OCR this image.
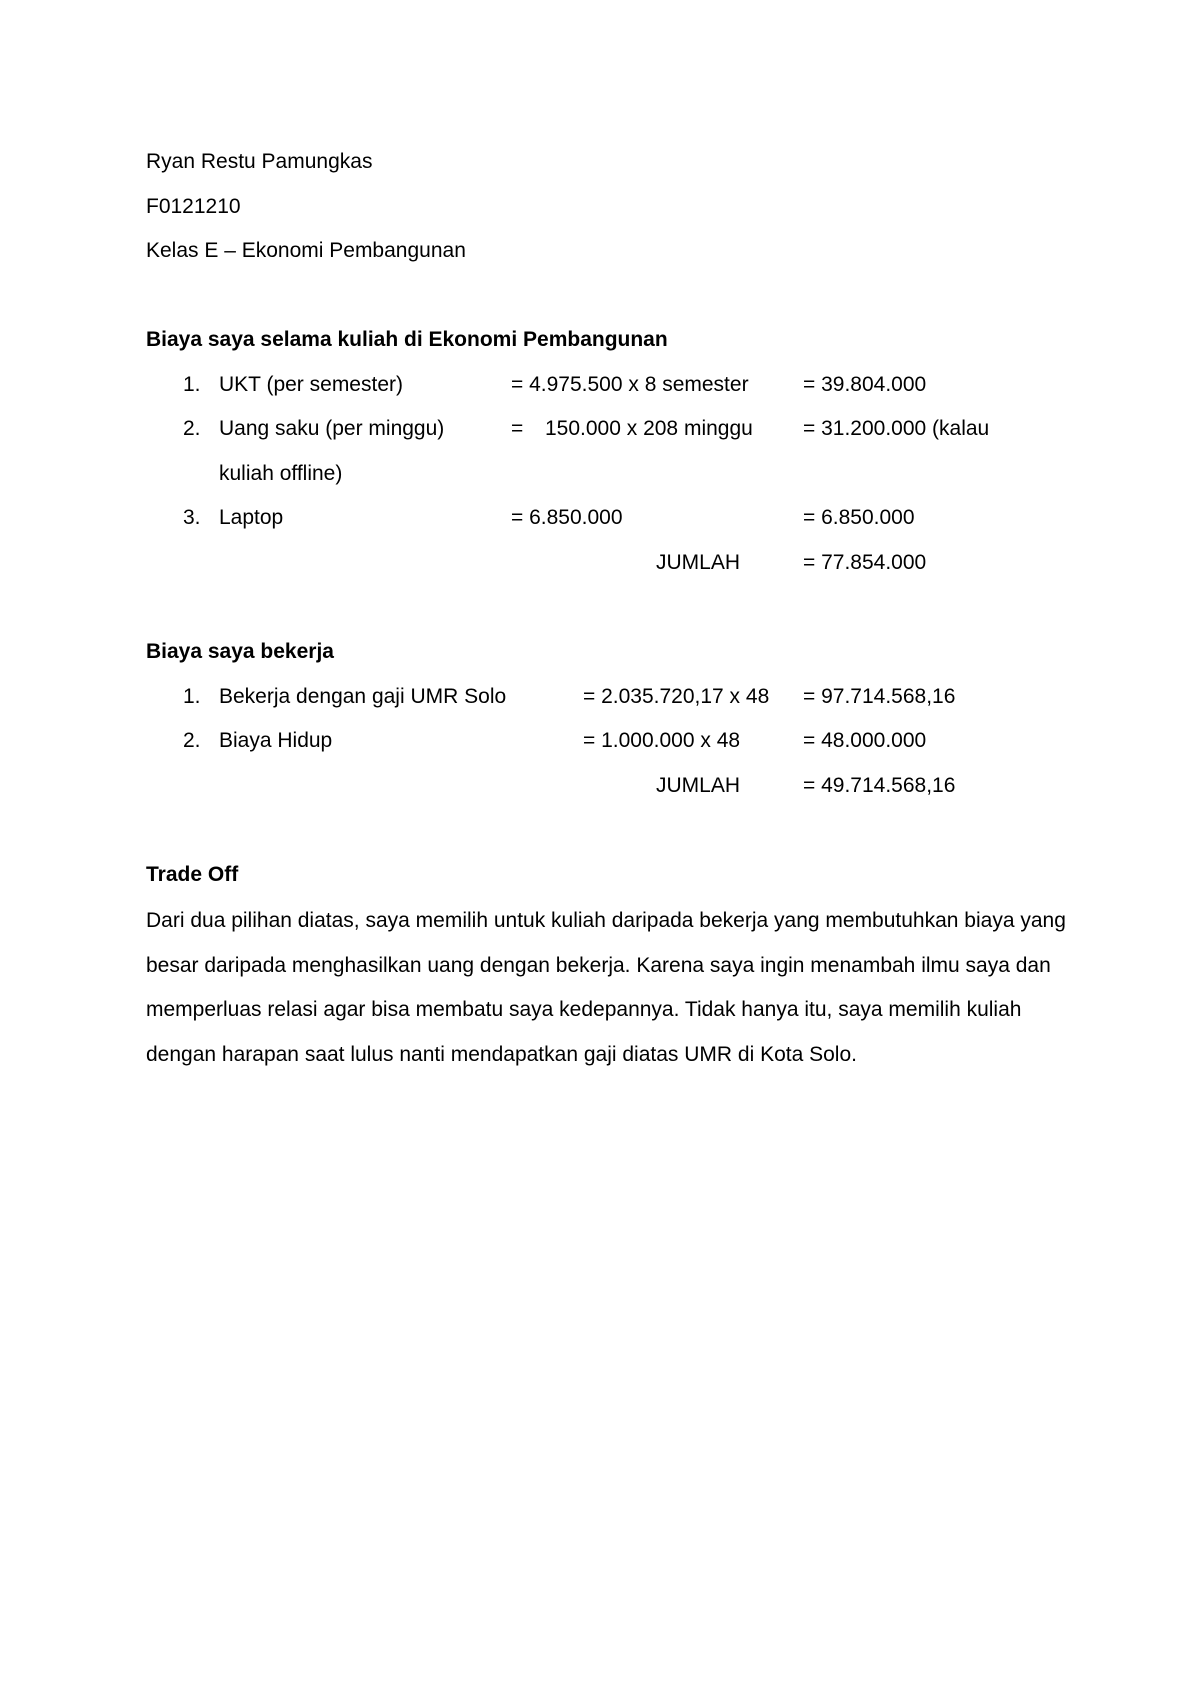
Ryan Restu Pamungkas
F0121210
Kelas E – Ekonomi Pembangunan
Biaya saya selama kuliah di Ekonomi Pembangunan
1. UKT (per semester)	= 4.975.500 x 8 semester	= 39.804.000
2. Uang saku (per minggu)	= 150.000 x 208 minggu = 31.200.000 (kalau
kuliah offline)
3. Laptop	= 6.850.000	= 6.850.000
JUMLAH	= 77.854.000
Biaya saya bekerja
1. Bekerja dengan gaji UMR Solo	= 2.035.720,17 x 48 = 97.714.568,16
2. Biaya Hidup	= 1.000.000 x 48	= 48.000.000
JUMLAH	= 49.714.568,16
Trade Off
Dari dua pilihan diatas, saya memilih untuk kuliah daripada bekerja yang membutuhkan biaya yang besar daripada menghasilkan uang dengan bekerja. Karena saya ingin menambah ilmu saya dan memperluas relasi agar bisa membatu saya kedepannya. Tidak hanya itu, saya memilih kuliah dengan harapan saat lulus nanti mendapatkan gaji diatas UMR di Kota Solo.
